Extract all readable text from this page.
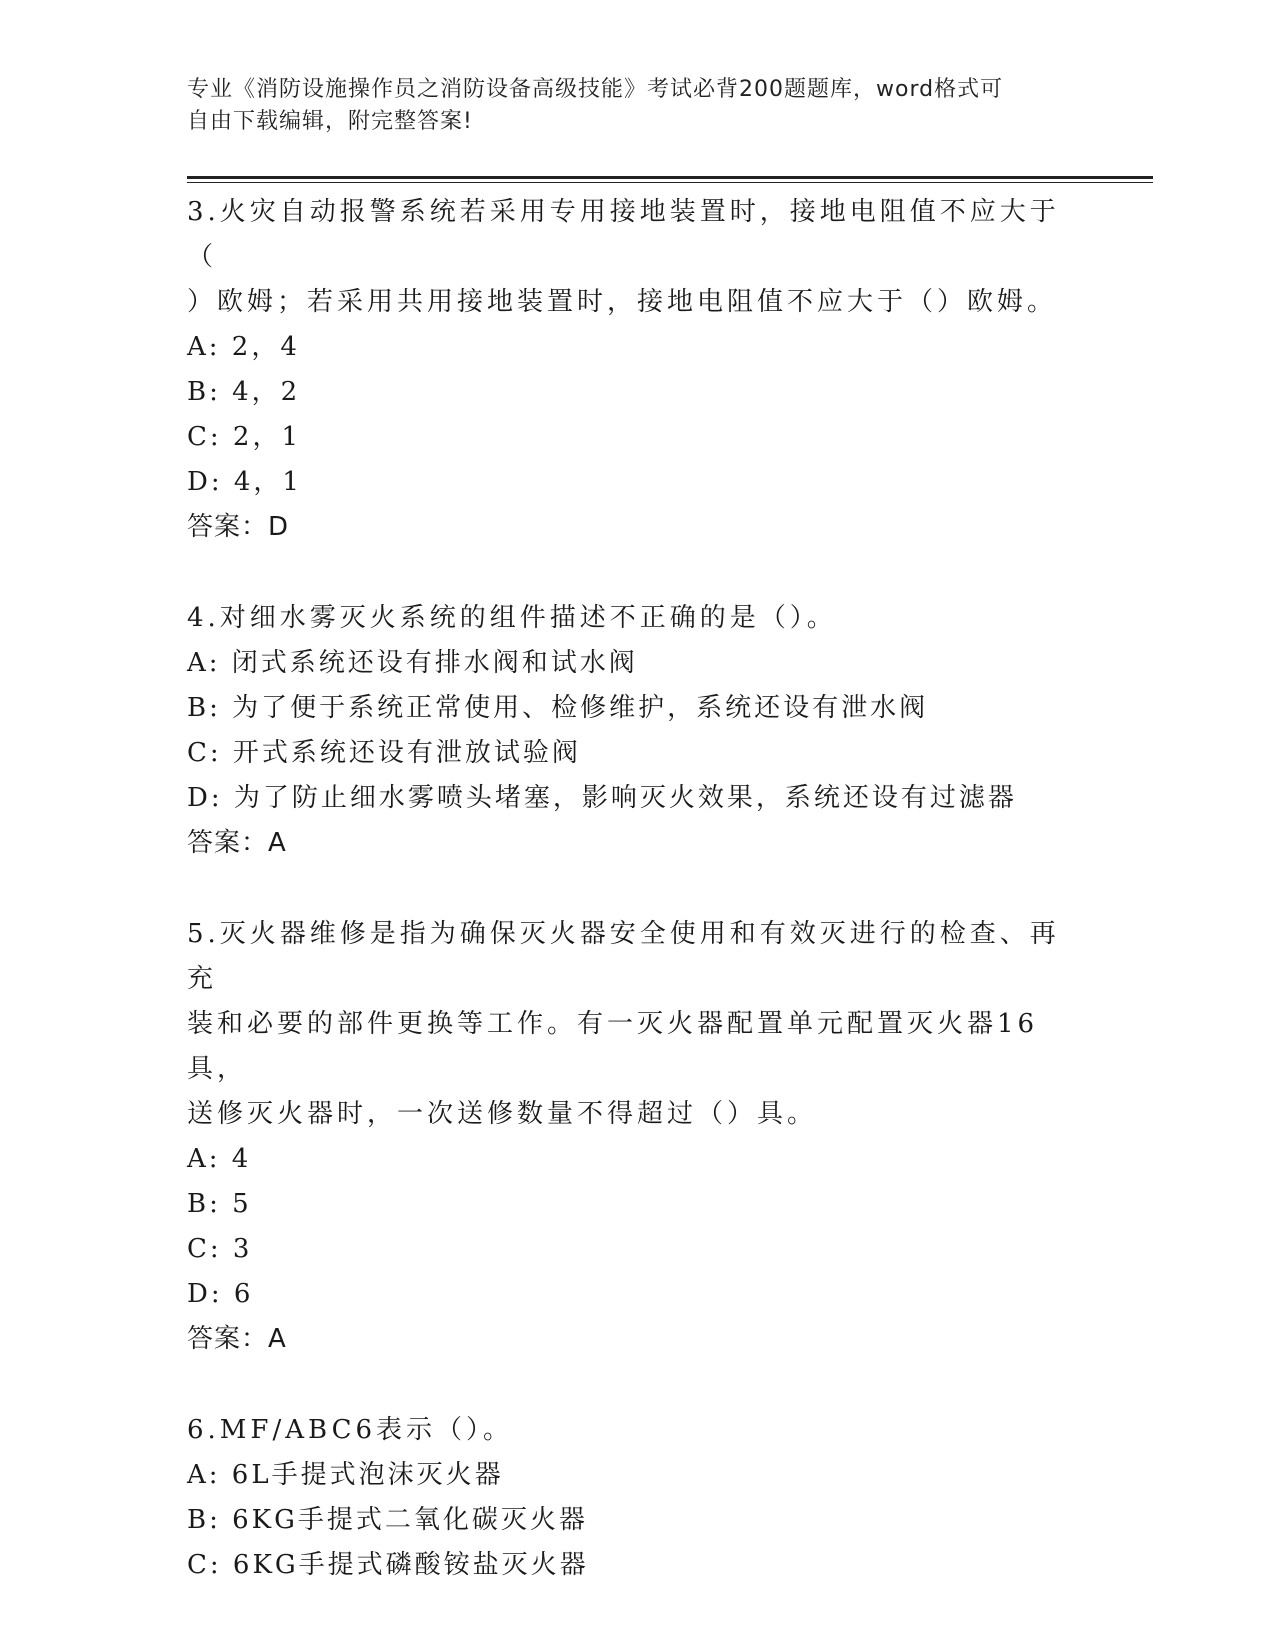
专业《消防设施操作员之消防设备高级技能》考试必背200题题库，word格式可

自由下载编辑，附完整答案!

3.火灾自动报警系统若采用专用接地装置时，接地电阻值不应大于（

）欧姆；若采用共用接地装置时，接地电阻值不应大于（）欧姆。

A: 2，4

B: 4，2

C: 2，1

D: 4，1

答案：D

4.对细水雾灭火系统的组件描述不正确的是（）。

A: 闭式系统还设有排水阀和试水阀

B: 为了便于系统正常使用、检修维护，系统还设有泄水阀

C: 开式系统还设有泄放试验阀

D: 为了防止细水雾喷头堵塞，影响灭火效果，系统还设有过滤器

答案：A

5.灭火器维修是指为确保灭火器安全使用和有效灭进行的检查、再充

装和必要的部件更换等工作。有一灭火器配置单元配置灭火器16具，

送修灭火器时，一次送修数量不得超过（）具。

A: 4

B: 5

C: 3

D: 6

答案：A

6.MF/ABC6表示（）。

A: 6L手提式泡沫灭火器

B: 6KG手提式二氧化碳灭火器

C: 6KG手提式磷酸铵盐灭火器
